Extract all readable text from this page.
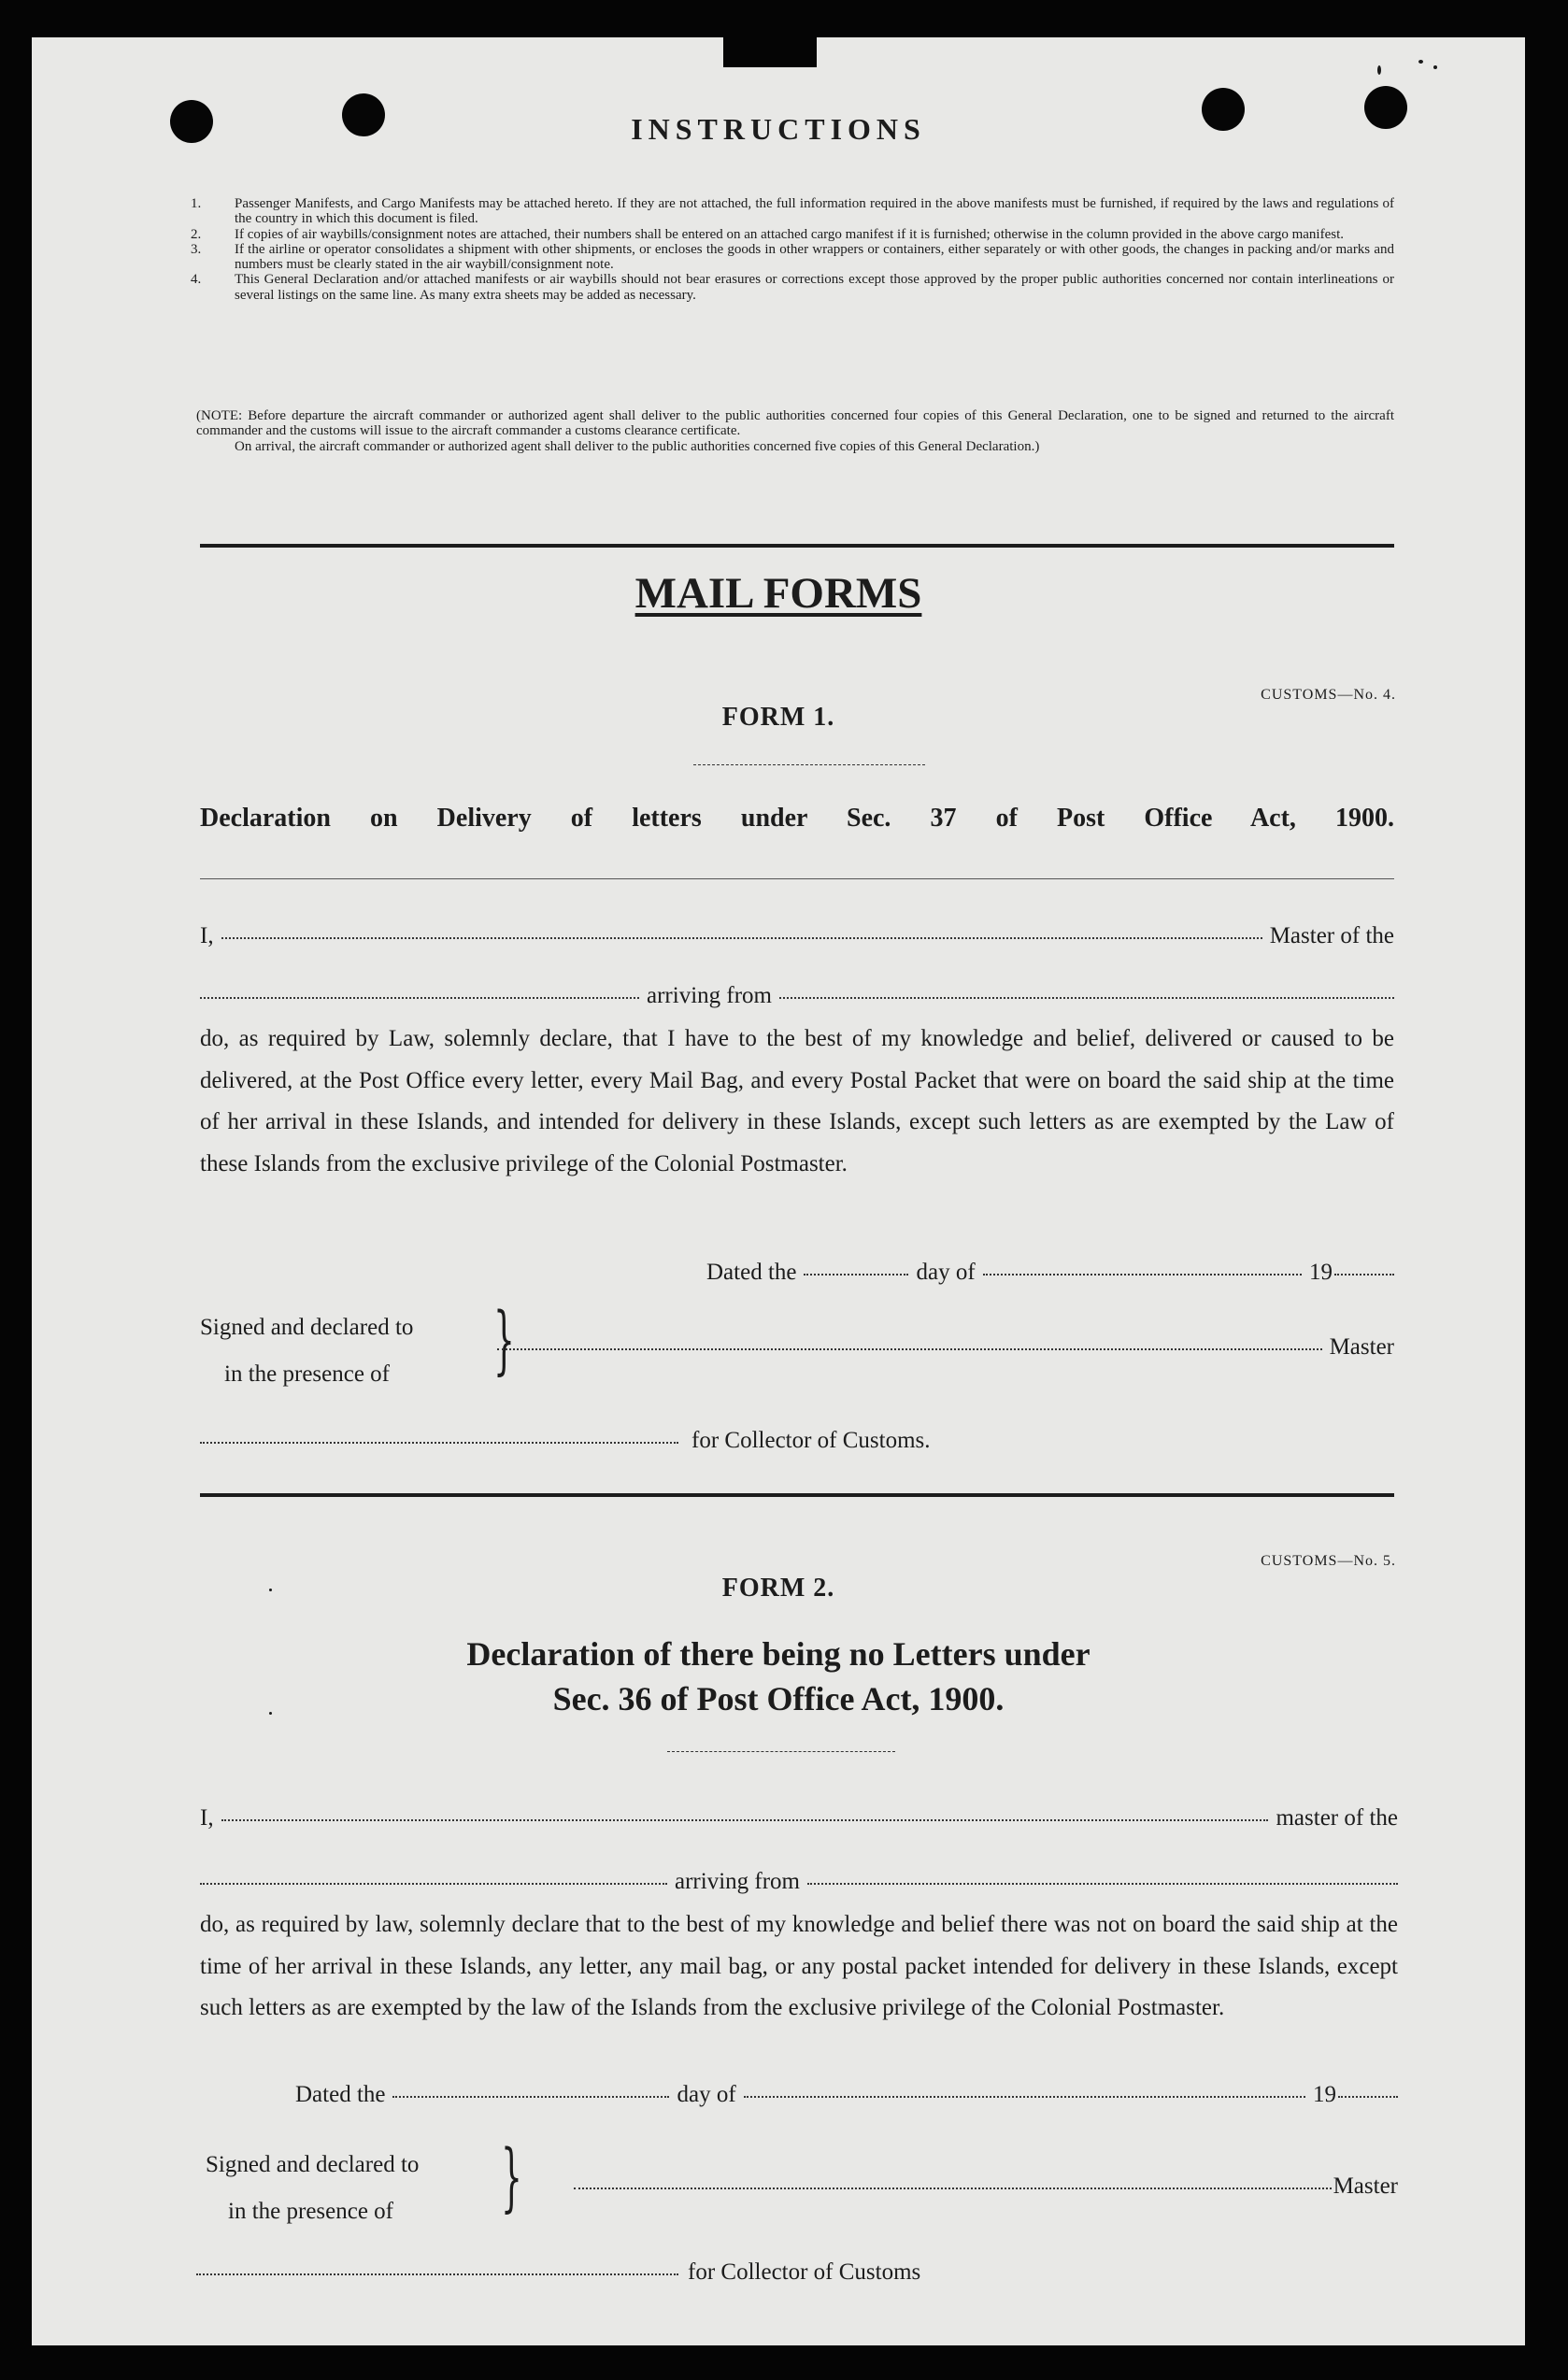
INSTRUCTIONS
1. Passenger Manifests, and Cargo Manifests may be attached hereto. If they are not attached, the full information required in the above manifests must be furnished, if required by the laws and regulations of the country in which this document is filed.
2. If copies of air waybills/consignment notes are attached, their numbers shall be entered on an attached cargo manifest if it is furnished; otherwise in the column provided in the above cargo manifest.
3. If the airline or operator consolidates a shipment with other shipments, or encloses the goods in other wrappers or containers, either separately or with other goods, the changes in packing and/or marks and numbers must be clearly stated in the air waybill/consignment note.
4. This General Declaration and/or attached manifests or air waybills should not bear erasures or corrections except those approved by the proper public authorities concerned nor contain interlineations or several listings on the same line. As many extra sheets may be added as necessary.
(NOTE: Before departure the aircraft commander or authorized agent shall deliver to the public authorities concerned four copies of this General Declaration, one to be signed and returned to the aircraft commander and the customs will issue to the aircraft commander a customs clearance certificate.
On arrival, the aircraft commander or authorized agent shall deliver to the public authorities concerned five copies of this General Declaration.)
MAIL FORMS
CUSTOMS—No. 4.
FORM 1.
Declaration on Delivery of letters under Sec. 37 of Post Office Act, 1900.
I,	Master of the
arriving from
do, as required by Law, solemnly declare, that I have to the best of my knowledge and belief, delivered or caused to be delivered, at the Post Office every letter, every Mail Bag, and every Postal Packet that were on board the said ship at the time of her arrival in these Islands, and intended for delivery in these Islands, except such letters as are exempted by the Law of these Islands from the exclusive privilege of the Colonial Postmaster.
Dated the	day of	19
Signed and declared to
in the presence of	}	Master
for Collector of Customs.
CUSTOMS—No. 5.
FORM 2.
Declaration of there being no Letters under
Sec. 36 of Post Office Act, 1900.
I,	master of the
arriving from
do, as required by law, solemnly declare that to the best of my knowledge and belief there was not on board the said ship at the time of her arrival in these Islands, any letter, any mail bag, or any postal packet intended for delivery in these Islands, except such letters as are exempted by the law of the Islands from the exclusive privilege of the Colonial Postmaster.
Dated the	day of	19
Signed and declared to
in the presence of	}	Master
for Collector of Customs
